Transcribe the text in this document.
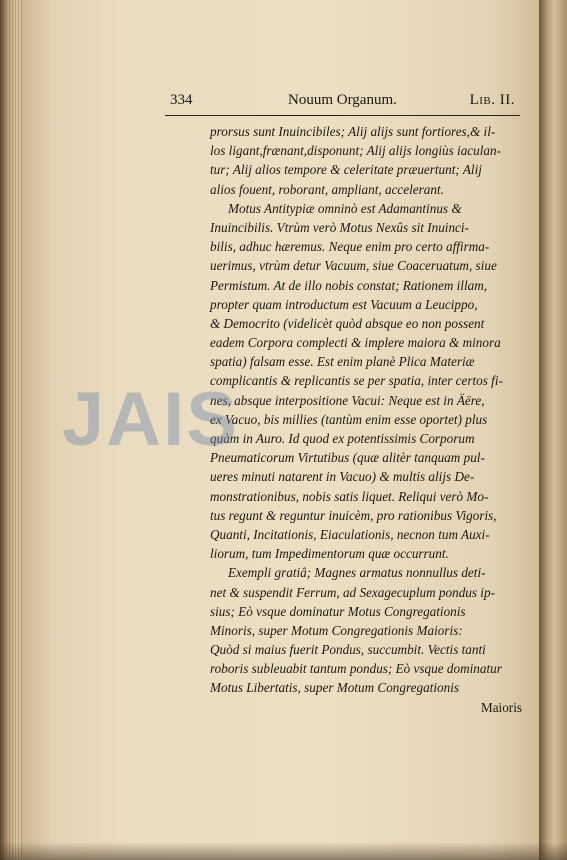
334	Nouum Organum.	Lib. II.
prorsus sunt Inuincibiles; Alij alijs sunt fortiores,& il-
los ligant,frænant,disponunt; Alij alijs longiùs iaculan-
tur; Alij alios tempore & celeritate præuertunt; Alij
alios fouent, roborant, ampliant, accelerant.
Motus Antitypiæ omninò est Adamantinus &
Inuincibilis. Vtrùm verò Motus Nexûs sit Inuinci-
bilis, adhuc hæremus. Neque enim pro certo affirma-
uerimus, vtrùm detur Vacuum, siue Coaceruatum, siue
Permistum. At de illo nobis constat; Rationem illam,
propter quam introductum est Vacuum a Leucippo,
& Democrito (videlicèt quòd absque eo non possent
eadem Corpora complecti & implere maiora & minora
spatia) falsam esse. Est enim planè Plica Materiæ
complicantis & replicantis se per spatia, inter certos fi-
nes, absque interpositione Vacui: Neque est in Äëre,
ex Vacuo, bis millies (tantùm enim esse oportet) plus
quàm in Auro. Id quod ex potentissimis Corporum
Pneumaticorum Virtutibus (quæ alitèr tanquam pul-
ueres minuti natarent in Vacuo) & multis alijs De-
monstrationibus, nobis satis liquet. Reliqui verò Mo-
tus regunt & reguntur inuicèm, pro rationibus Vigoris,
Quanti, Incitationis, Eiaculationis, necnon tum Auxi-
liorum, tum Impedimentorum quæ occurrunt.
Exempli gratiâ; Magnes armatus nonnullus deti-
net & suspendit Ferrum, ad Sexagecuplum pondus ip-
sius; Eò vsque dominatur Motus Congregationis
Minoris, super Motum Congregationis Maioris:
Quòd si maius fuerit Pondus, succumbit. Vectis tanti
roboris subleuabit tantum pondus; Eò vsque dominatur
Motus Libertatis, super Motum Congregationis
Maioris
JAIS
